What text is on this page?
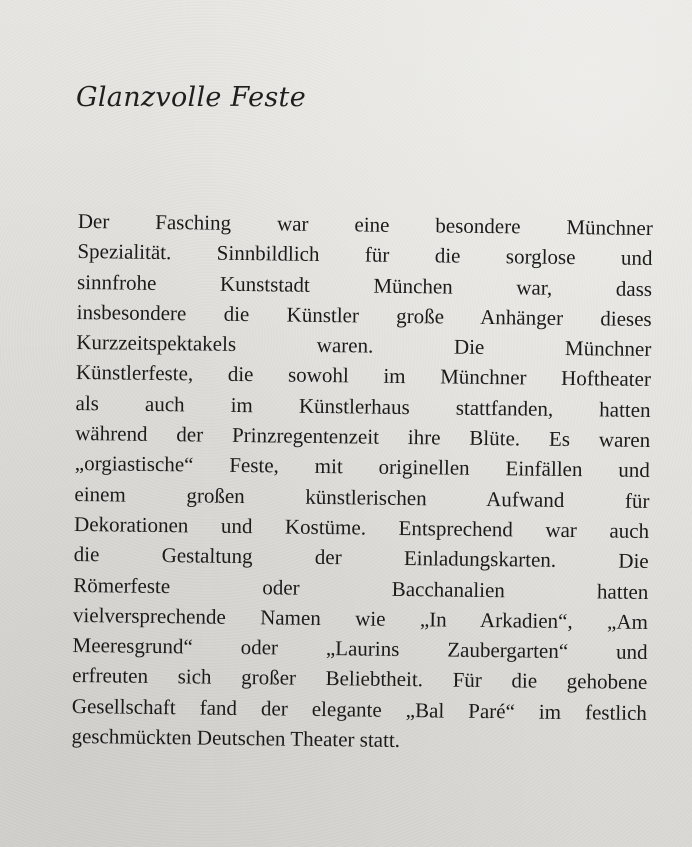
Glanzvolle Feste
Der Fasching war eine besondere Münchner
Spezialität. Sinnbildlich für die sorglose und
sinnfrohe Kunststadt München war, dass
insbesondere die Künstler große Anhänger dieses
Kurzzeitspektakels waren. Die Münchner
Künstlerfeste, die sowohl im Münchner Hoftheater
als auch im Künstlerhaus stattfanden, hatten
während der Prinzregentenzeit ihre Blüte. Es waren
„orgiastische“ Feste, mit originellen Einfällen und
einem großen künstlerischen Aufwand für
Dekorationen und Kostüme. Entsprechend war auch
die Gestaltung der Einladungskarten. Die
Römerfeste oder Bacchanalien hatten
vielversprechende Namen wie „In Arkadien“, „Am
Meeresgrund“ oder „Laurins Zaubergarten“ und
erfreuten sich großer Beliebtheit. Für die gehobene
Gesellschaft fand der elegante „Bal Paré“ im festlich
geschmückten Deutschen Theater statt.
